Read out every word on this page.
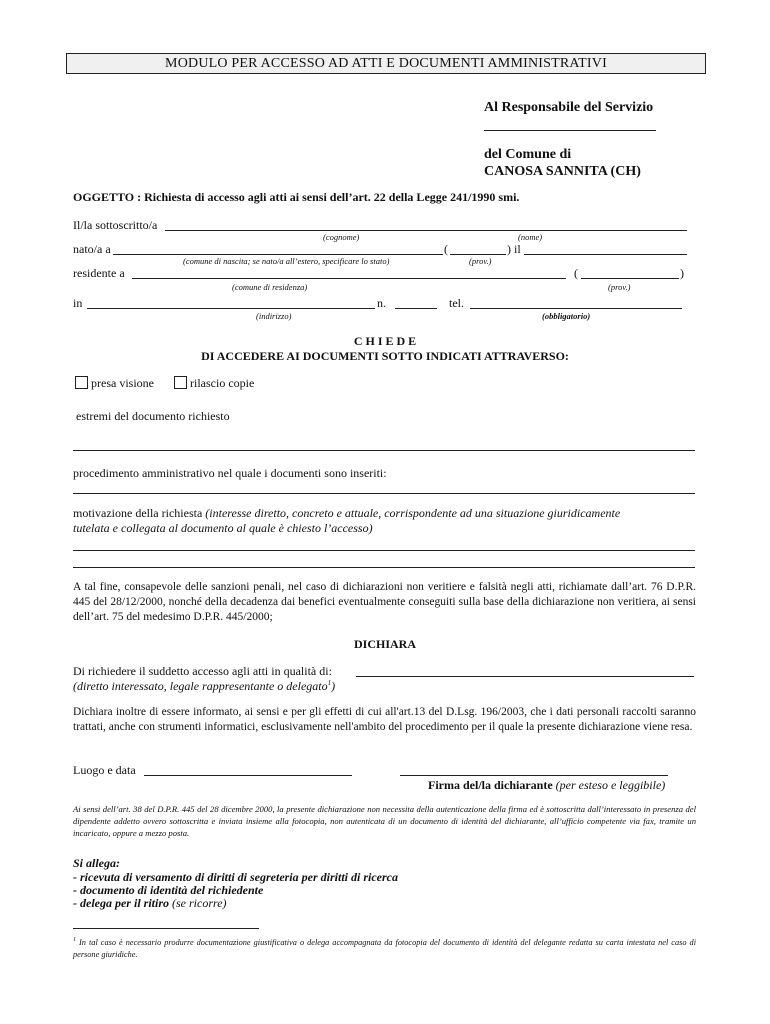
MODULO PER ACCESSO AD ATTI E DOCUMENTI AMMINISTRATIVI
Al Responsabile del Servizio
del Comune di
CANOSA SANNITA (CH)
OGGETTO : Richiesta di accesso agli atti ai sensi dell’art. 22 della Legge 241/1990 smi.
Il/la sottoscritto/a
(cognome)	(nome)
nato/a a	(	) il
(comune di nascita; se nato/a all’estero, specificare lo stato)	(prov.)
residente a	(	)
(comune di residenza)	(prov.)
in	n.	tel.
(indirizzo)	(obbligatorio)
C H I E D E
DI ACCEDERE AI DOCUMENTI SOTTO INDICATI ATTRAVERSO:
presa visione	rilascio copie
estremi del documento richiesto
procedimento amministrativo nel quale i documenti sono inseriti:
motivazione della richiesta (interesse diretto, concreto e attuale, corrispondente ad una situazione giuridicamente
tutelata e collegata al documento al quale è chiesto l’accesso)
A tal fine, consapevole delle sanzioni penali, nel caso di dichiarazioni non veritiere e falsità negli atti, richiamate dall’art. 76 D.P.R. 445 del 28/12/2000, nonché della decadenza dai benefici eventualmente conseguiti sulla base della dichiarazione non veritiera, ai sensi dell’art. 75 del medesimo D.P.R. 445/2000;
DICHIARA
Di richiedere il suddetto accesso agli atti in qualità di:
(diretto interessato, legale rappresentante o delegato$^1$)
Dichiara inoltre di essere informato, ai sensi e per gli effetti di cui all'art.13 del D.Lsg. 196/2003, che i dati personali raccolti saranno trattati, anche con strumenti informatici, esclusivamente nell'ambito del procedimento per il quale la presente dichiarazione viene resa.
Luogo e data
Firma del/la dichiarante (per esteso e leggibile)
Ai sensi dell’art. 38 del D.P.R. 445 del 28 dicembre 2000, la presente dichiarazione non necessita della autenticazione della firma ed è sottoscritta dall’interessato in presenza del dipendente addetto ovvero sottoscritta e inviata insieme alla fotocopia, non autenticata di un documento di identità del dichiarante, all’ufficio competente via fax, tramite un incaricato, oppure a mezzo posta.
Si allega:
- ricevuta di versamento di diritti di segreteria per diritti di ricerca
- documento di identità del richiedente
- delega per il ritiro (se ricorre)
$^1$ In tal caso è necessario produrre documentazione giustificativa o delega accompagnata da fotocopia del documento di identità del delegante redatta su carta intestata nel caso di persone giuridiche.
